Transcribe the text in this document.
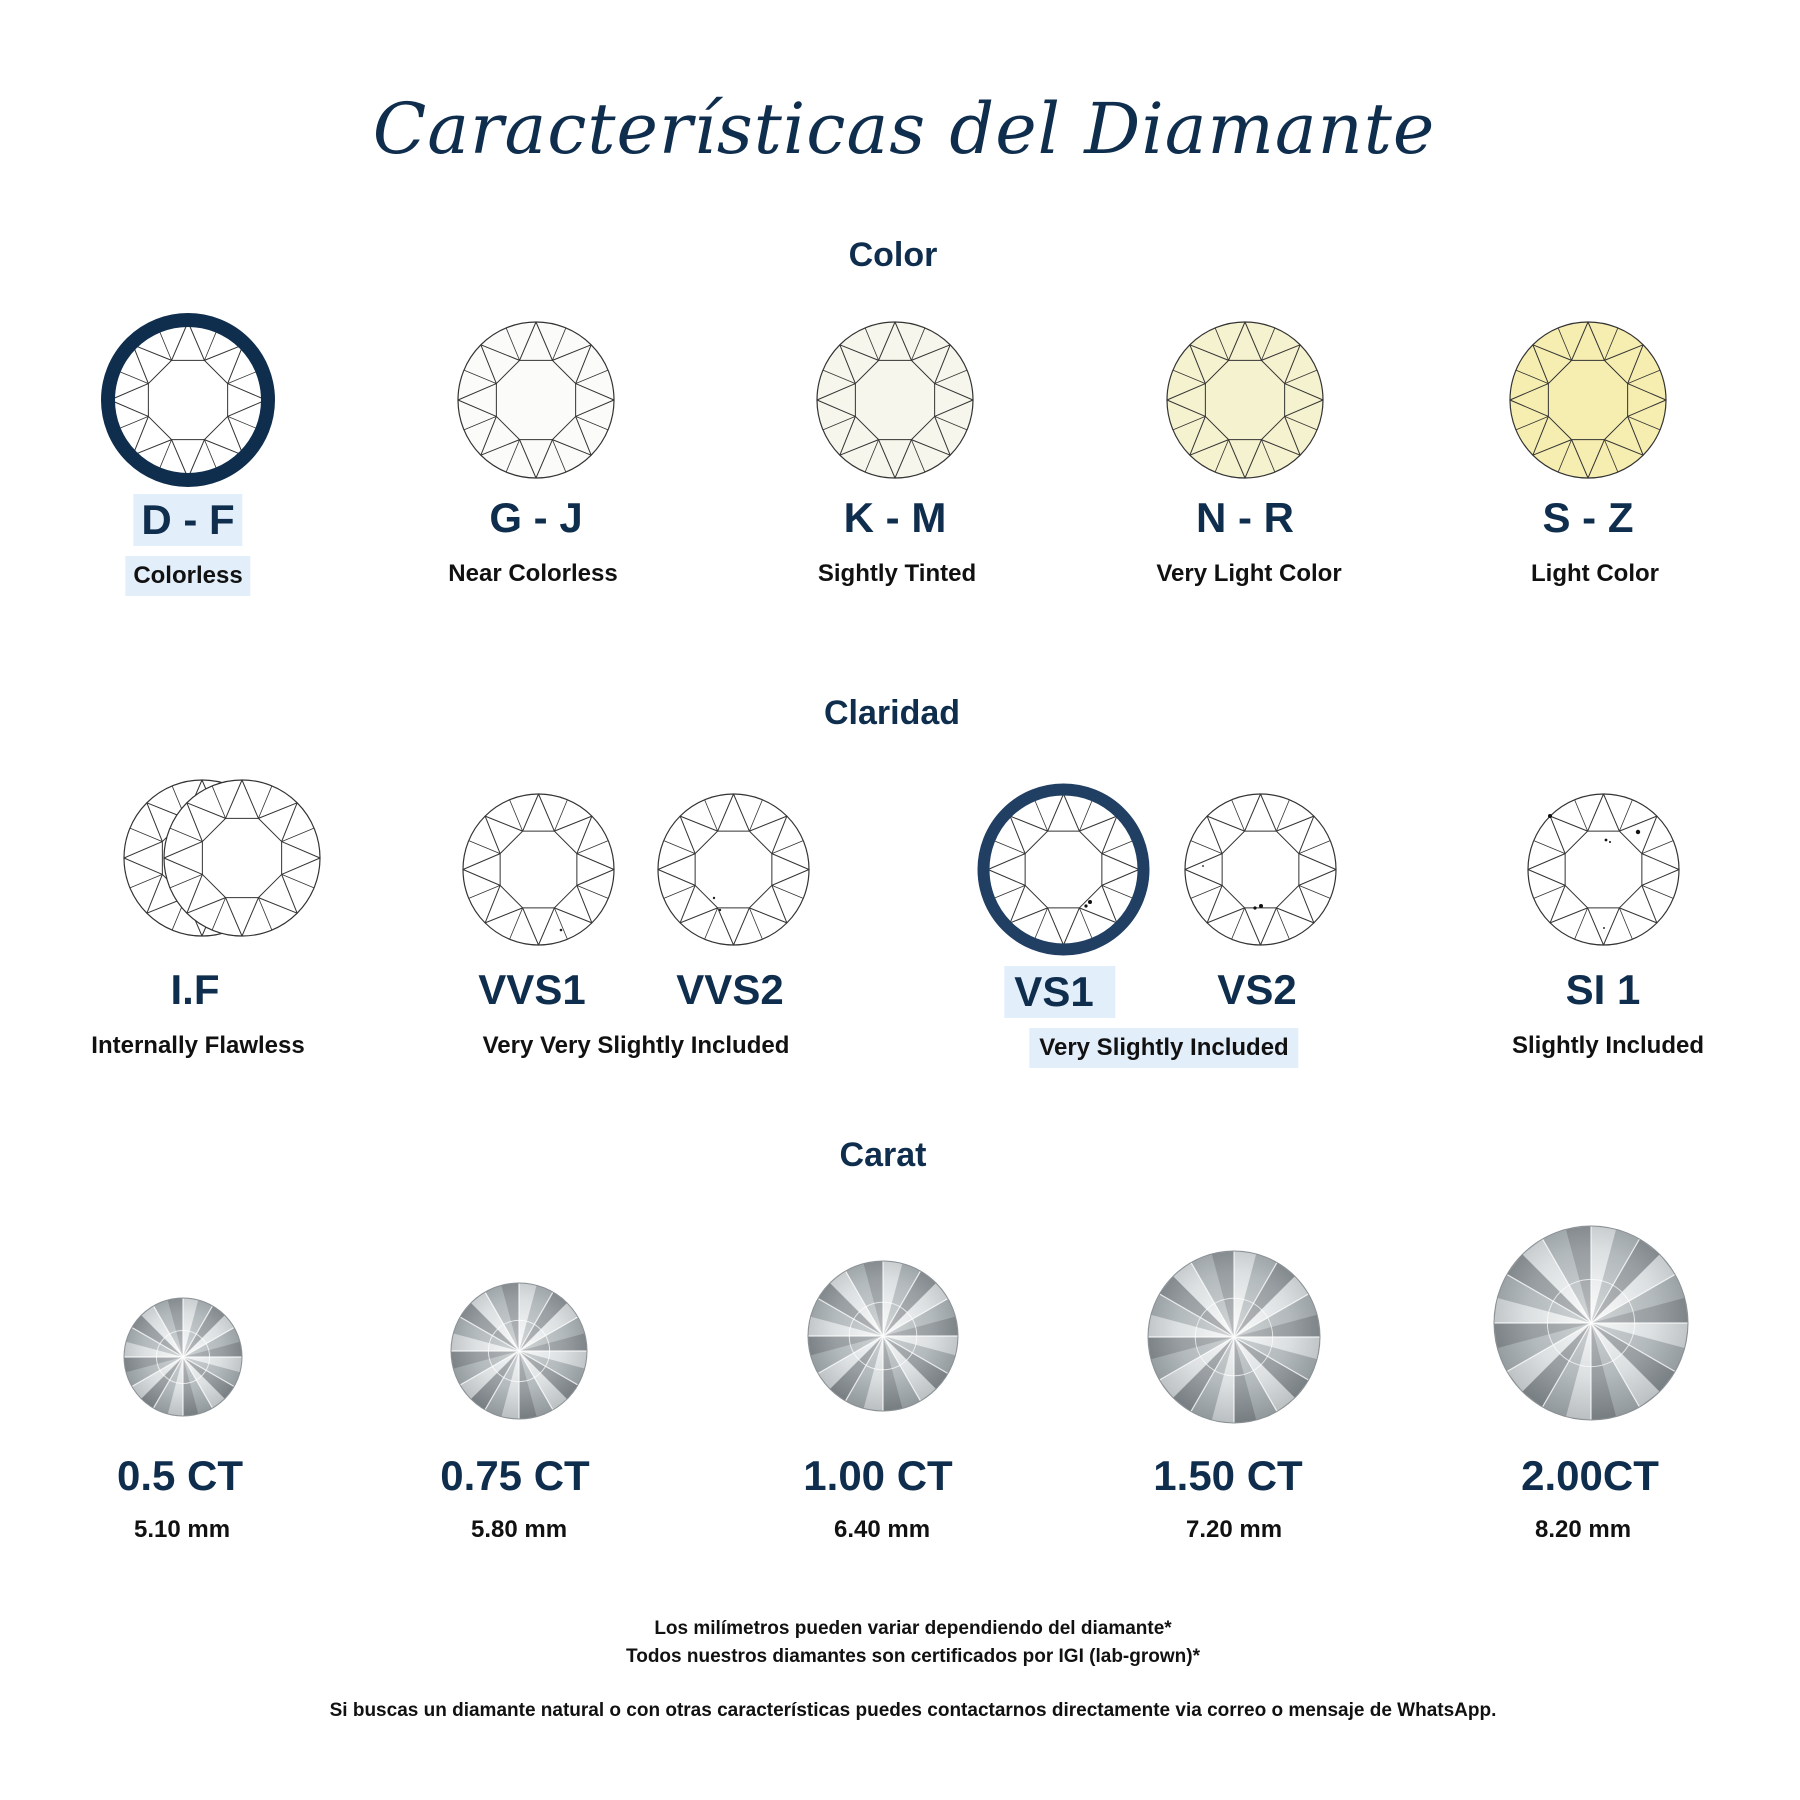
Características del Diamante
Color
D - F	G - J	K - M	N - R	S - Z
Colorless	Near Colorless	Sightly Tinted	Very Light Color	Light Color
Claridad
I.F	VVS1 VVS2	VS1	VS2	SI 1
Internally Flawless	Very Very Slightly Included	Very Slightly Included	Slightly Included
Carat
0.5 CT	0.75 CT	1.00 CT	1.50 CT	2.00CT
5.10 mm	5.80 mm	6.40 mm	7.20 mm	8.20 mm
Los milímetros pueden variar dependiendo del diamante*
Todos nuestros diamantes son certificados por IGI (lab-grown)*
Si buscas un diamante natural o con otras características puedes contactarnos directamente via correo o mensaje de WhatsApp.
